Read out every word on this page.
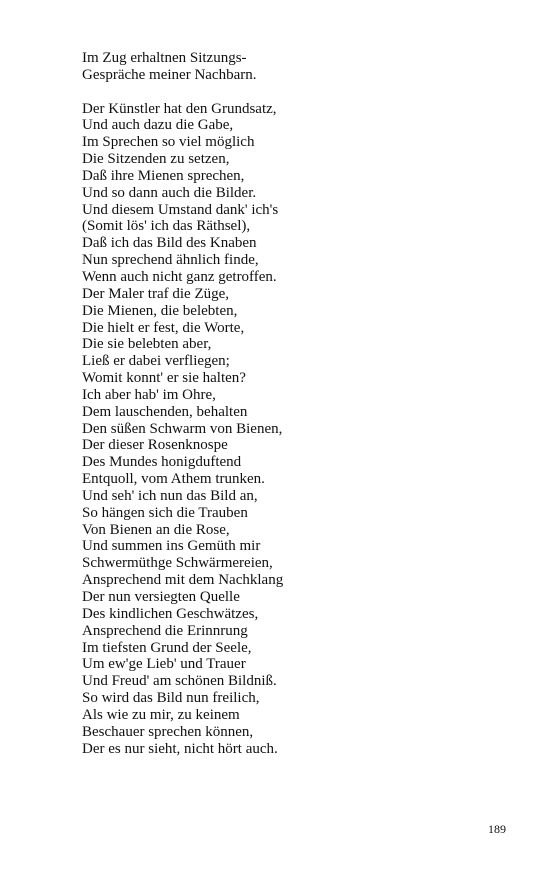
Im Zug erhaltnen Sitzungs-
Gespräche meiner Nachbarn.
Der Künstler hat den Grundsatz,
Und auch dazu die Gabe,
Im Sprechen so viel möglich
Die Sitzenden zu setzen,
Daß ihre Mienen sprechen,
Und so dann auch die Bilder.
Und diesem Umstand dank' ich's
(Somit lös' ich das Räthsel),
Daß ich das Bild des Knaben
Nun sprechend ähnlich finde,
Wenn auch nicht ganz getroffen.
Der Maler traf die Züge,
Die Mienen, die belebten,
Die hielt er fest, die Worte,
Die sie belebten aber,
Ließ er dabei verfliegen;
Womit konnt' er sie halten?
Ich aber hab' im Ohre,
Dem lauschenden, behalten
Den süßen Schwarm von Bienen,
Der dieser Rosenknospe
Des Mundes honigduftend
Entquoll, vom Athem trunken.
Und seh' ich nun das Bild an,
So hängen sich die Trauben
Von Bienen an die Rose,
Und summen ins Gemüth mir
Schwermüthge Schwärmereien,
Ansprechend mit dem Nachklang
Der nun versiegten Quelle
Des kindlichen Geschwätzes,
Ansprechend die Erinnrung
Im tiefsten Grund der Seele,
Um ew'ge Lieb' und Trauer
Und Freud' am schönen Bildniß.
So wird das Bild nun freilich,
Als wie zu mir, zu keinem
Beschauer sprechen können,
Der es nur sieht, nicht hört auch.
189
